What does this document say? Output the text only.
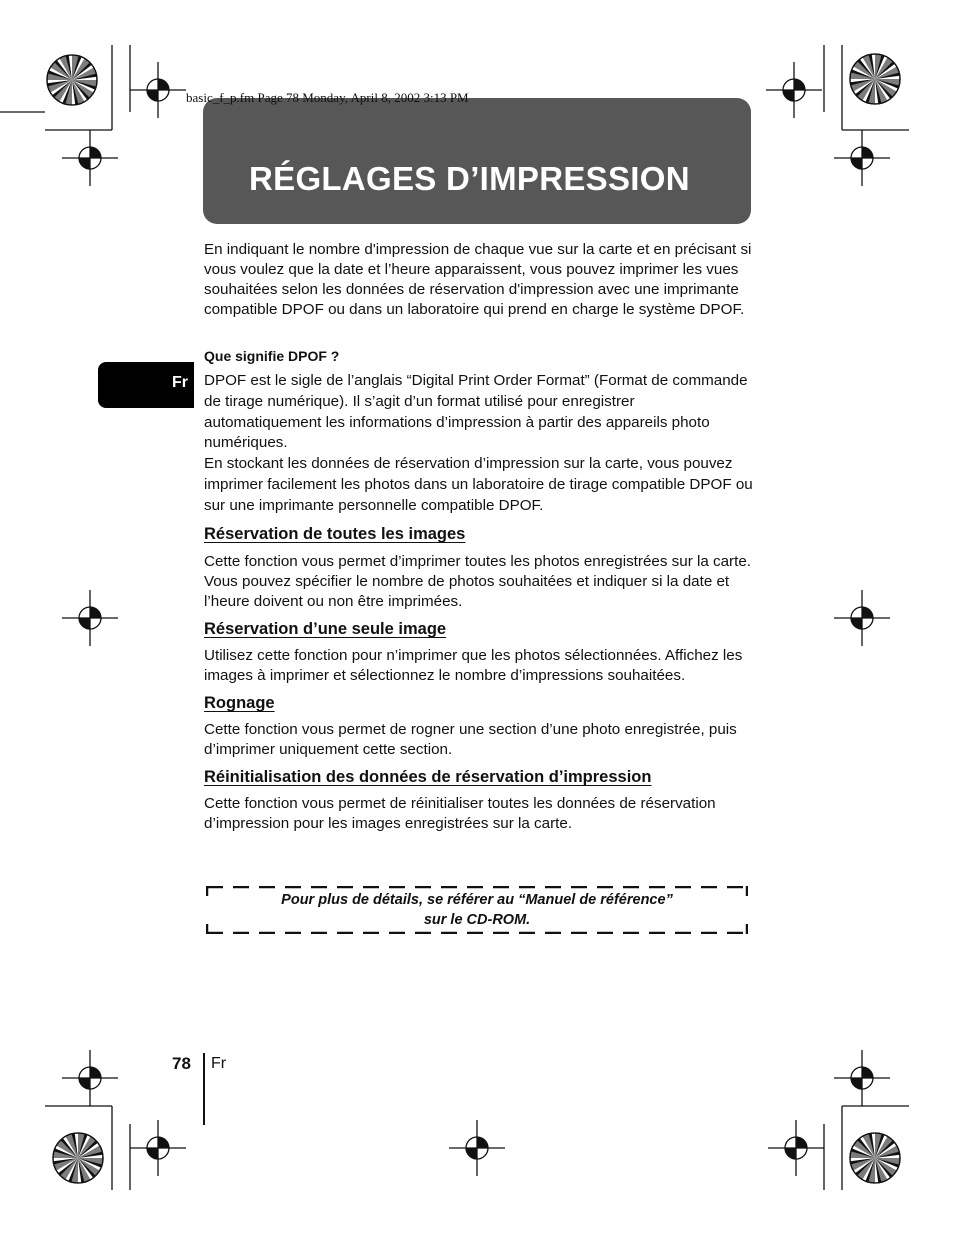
basic_f_p.fm Page 78 Monday, April 8, 2002 3:13 PM
RÉGLAGES D’IMPRESSION
Fr

En indiquant le nombre d'impression de chaque vue sur la carte et en précisant si vous voulez que la date et l’heure apparaissent, vous pouvez imprimer les vues souhaitées selon les données de réservation d'impression avec une imprimante compatible DPOF ou dans un laboratoire qui prend en charge le système DPOF.

Que signifie DPOF ?

DPOF est le sigle de l’anglais “Digital Print Order Format” (Format de commande de tirage numérique). Il s’agit d’un format utilisé pour enregistrer automatiquement les informations d’impression à partir des appareils photo numériques.

En stockant les données de réservation d’impression sur la carte, vous pouvez imprimer facilement les photos dans un laboratoire de tirage compatible DPOF ou sur une imprimante personnelle compatible DPOF.

Réservation de toutes les images
Cette fonction vous permet d’imprimer toutes les photos enregistrées sur la carte. Vous pouvez spécifier le nombre de photos souhaitées et indiquer si la date et l’heure doivent ou non être imprimées.
Réservation d’une seule image
Utilisez cette fonction pour n’imprimer que les photos sélectionnées. Affichez les images à imprimer et sélectionnez le nombre d’impressions souhaitées.
Rognage
Cette fonction vous permet de rogner une section d’une photo enregistrée, puis d’imprimer uniquement cette section.
Réinitialisation des données de réservation d’impression
Cette fonction vous permet de réinitialiser toutes les données de réservation d’impression pour les images enregistrées sur la carte.
Pour plus de détails, se référer au “Manuel de référence”
sur le CD-ROM.
78 Fr
